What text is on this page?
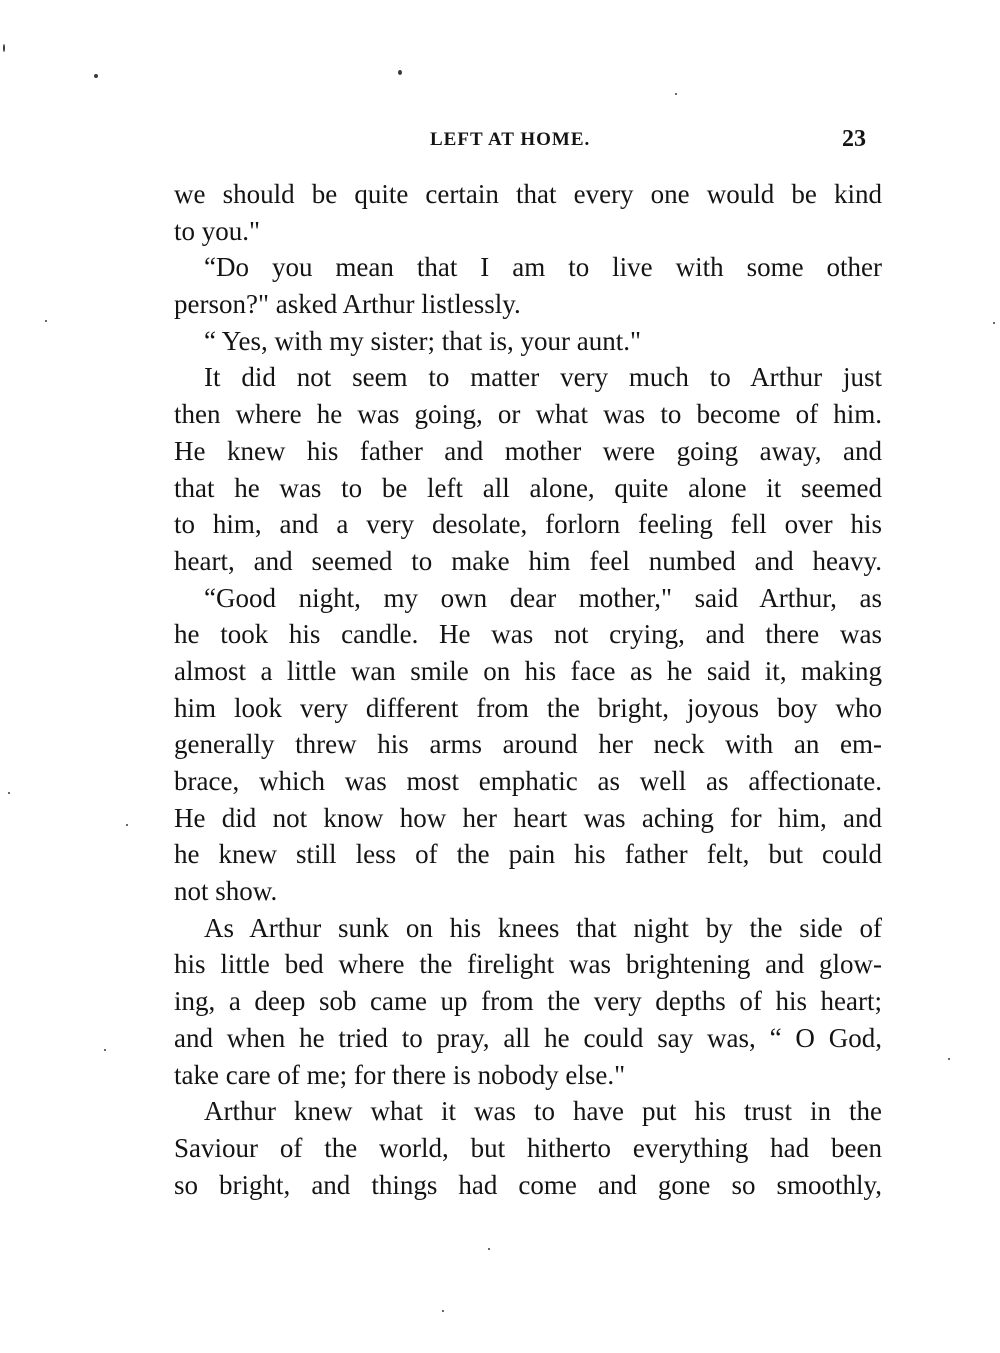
LEFT AT HOME.	23
we should be quite certain that every one would be kind
to you."
“Do you mean that I am to live with some other
person?" asked Arthur listlessly.
“ Yes, with my sister; that is, your aunt."
It did not seem to matter very much to Arthur just
then where he was going, or what was to become of him.
He knew his father and mother were going away, and
that he was to be left all alone, quite alone it seemed
to him, and a very desolate, forlorn feeling fell over his
heart, and seemed to make him feel numbed and heavy.
“Good night, my own dear mother," said Arthur, as
he took his candle. He was not crying, and there was
almost a little wan smile on his face as he said it, making
him look very different from the bright, joyous boy who
generally threw his arms around her neck with an em-
brace, which was most emphatic as well as affectionate.
He did not know how her heart was aching for him, and
he knew still less of the pain his father felt, but could
not show.
As Arthur sunk on his knees that night by the side of
his little bed where the firelight was brightening and glow-
ing, a deep sob came up from the very depths of his heart;
and when he tried to pray, all he could say was, “ O God,
take care of me; for there is nobody else."
Arthur knew what it was to have put his trust in the
Saviour of the world, but hitherto everything had been
so bright, and things had come and gone so smoothly,
